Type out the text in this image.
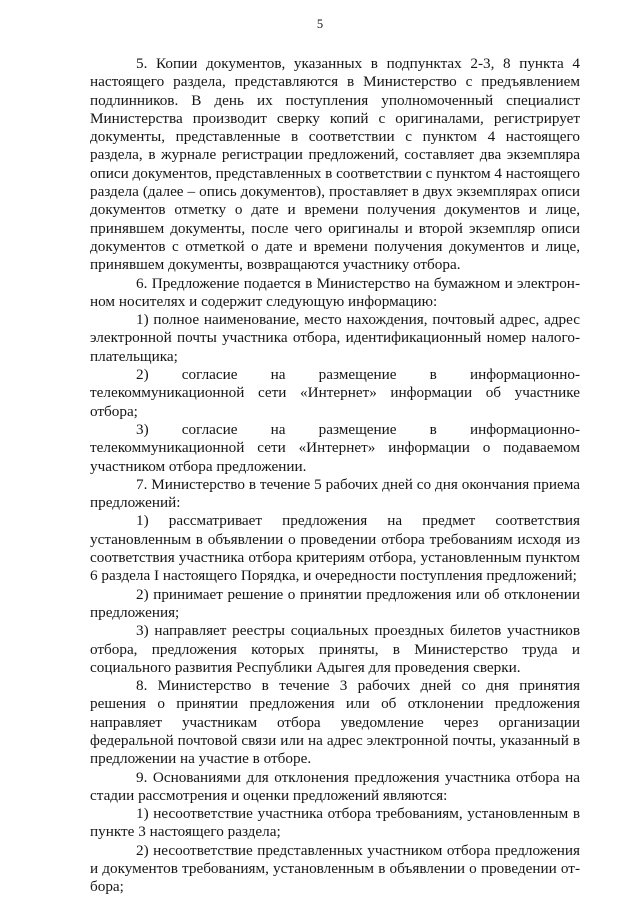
5

5. Копии документов, указанных в подпунктах 2-3, 8 пункта 4 настоящего раздела, представляются в Министерство с предъявлением подлинников. В день их поступления уполномоченный специалист Министерства производит сверку копий с оригиналами, регистрирует документы, представленные в соответствии с пунктом 4 настоящего раздела, в журнале регистрации предложений, составляет два экземпляра описи документов, представленных в соответствии с пунктом 4 настоящего раздела (далее – опись документов), проставляет в двух экземплярах описи документов отметку о дате и времени получения документов и лице, принявшем документы, после чего оригиналы и второй экземпляр описи документов с отметкой о дате и времени получения документов и лице, принявшем документы, возвращаются участнику отбора.

6. Предложение подается в Министерство на бумажном и электронном носителях и содержит следующую информацию:

1) полное наименование, место нахождения, почтовый адрес, адрес электронной почты участника отбора, идентификационный номер налогоплательщика;

2) согласие на размещение в информационно-телекоммуникационной сети «Интернет» информации об участнике отбора;

3) согласие на размещение в информационно-телекоммуникационной сети «Интернет» информации о подаваемом участником отбора предложении.

7. Министерство в течение 5 рабочих дней со дня окончания приема предложений:

1) рассматривает предложения на предмет соответствия установленным в объявлении о проведении отбора требованиям исходя из соответствия участника отбора критериям отбора, установленным пунктом 6 раздела I настоящего Порядка, и очередности поступления предложений;

2) принимает решение о принятии предложения или об отклонении предложения;

3) направляет реестры социальных проездных билетов участников отбора, предложения которых приняты, в Министерство труда и социального развития Республики Адыгея для проведения сверки.

8. Министерство в течение 3 рабочих дней со дня принятия решения о принятии предложения или об отклонении предложения направляет участникам отбора уведомление через организации федеральной почтовой связи или на адрес электронной почты, указанный в предложении на участие в отборе.

9. Основаниями для отклонения предложения участника отбора на стадии рассмотрения и оценки предложений являются:

1) несоответствие участника отбора требованиям, установленным в пункте 3 настоящего раздела;

2) несоответствие представленных участником отбора предложения и документов требованиям, установленным в объявлении о проведении отбора;
